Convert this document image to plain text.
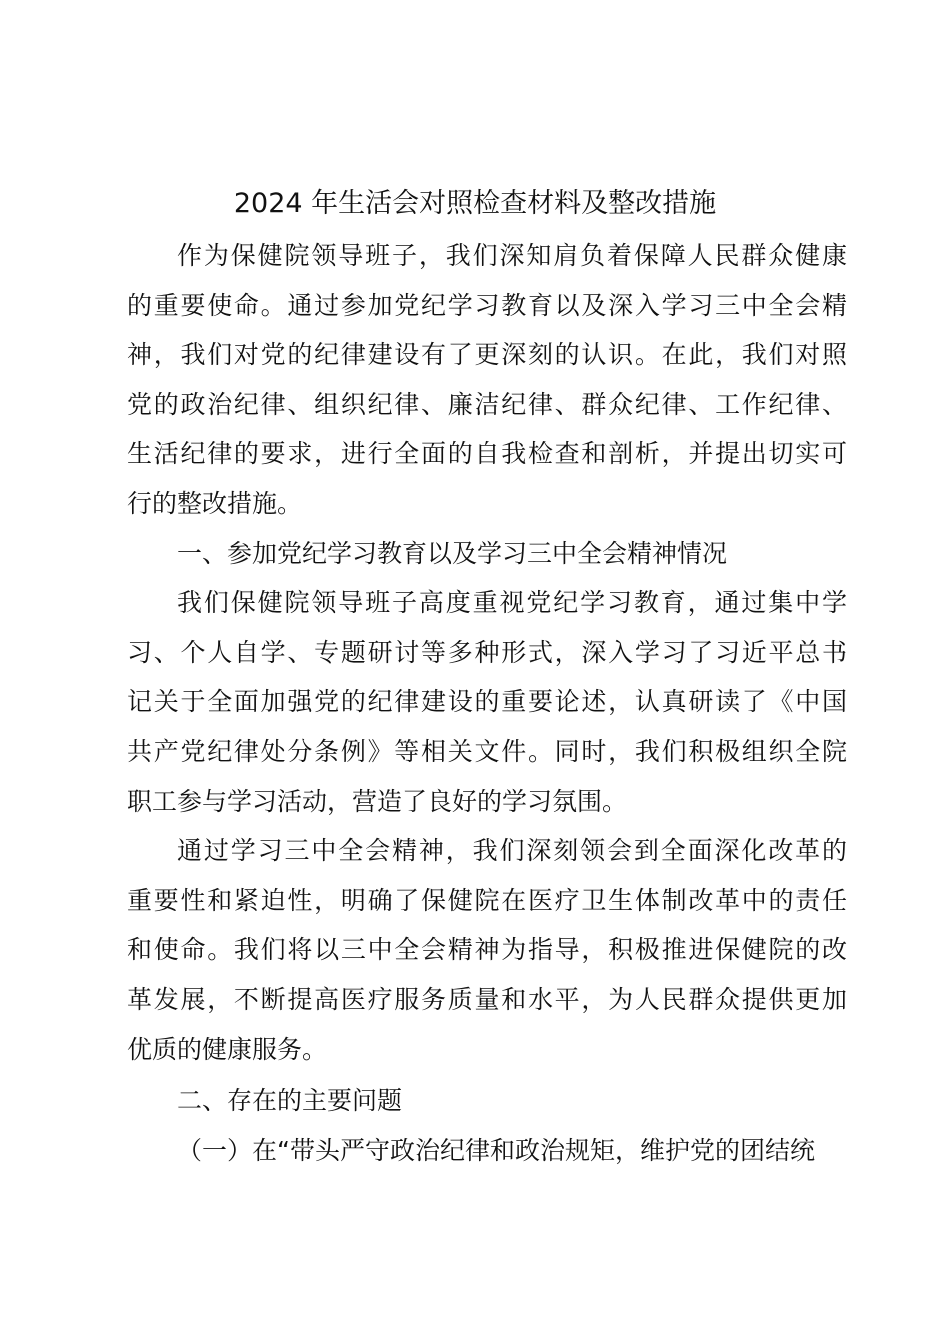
2024 年生活会对照检查材料及整改措施
作为保健院领导班子，我们深知肩负着保障人民群众健康
的重要使命。通过参加党纪学习教育以及深入学习三中全会精
神，我们对党的纪律建设有了更深刻的认识。在此，我们对照
党的政治纪律、组织纪律、廉洁纪律、群众纪律、工作纪律、
生活纪律的要求，进行全面的自我检查和剖析，并提出切实可
行的整改措施。
一、参加党纪学习教育以及学习三中全会精神情况
我们保健院领导班子高度重视党纪学习教育，通过集中学
习、个人自学、专题研讨等多种形式，深入学习了习近平总书
记关于全面加强党的纪律建设的重要论述，认真研读了《中国
共产党纪律处分条例》等相关文件。同时，我们积极组织全院
职工参与学习活动，营造了良好的学习氛围。
通过学习三中全会精神，我们深刻领会到全面深化改革的
重要性和紧迫性，明确了保健院在医疗卫生体制改革中的责任
和使命。我们将以三中全会精神为指导，积极推进保健院的改
革发展，不断提高医疗服务质量和水平，为人民群众提供更加
优质的健康服务。
二、存在的主要问题
（一）在“带头严守政治纪律和政治规矩，维护党的团结统
